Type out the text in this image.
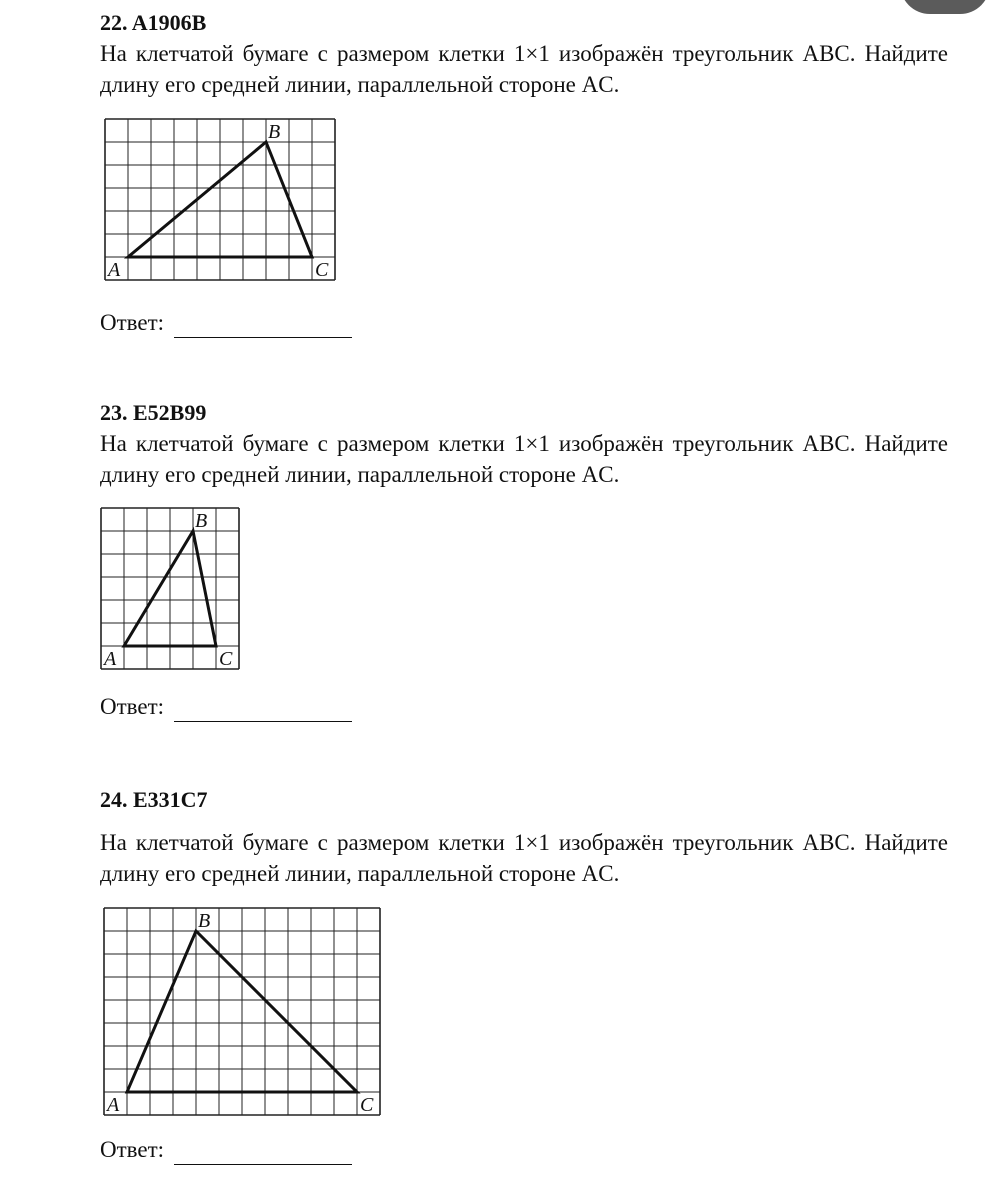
22. A1906B

На клетчатой бумаге с размером клетки 1×1 изображён треугольник ABC. Найдите длину его средней линии, параллельной стороне AC.

A
B
C
Ответ:

23. E52B99

На клетчатой бумаге с размером клетки 1×1 изображён треугольник ABC. Найдите длину его средней линии, параллельной стороне AC.

A
B
C
Ответ:

24. E331C7

На клетчатой бумаге с размером клетки 1×1 изображён треугольник ABC. Найдите длину его средней линии, параллельной стороне AC.

A
B
C
Ответ:
